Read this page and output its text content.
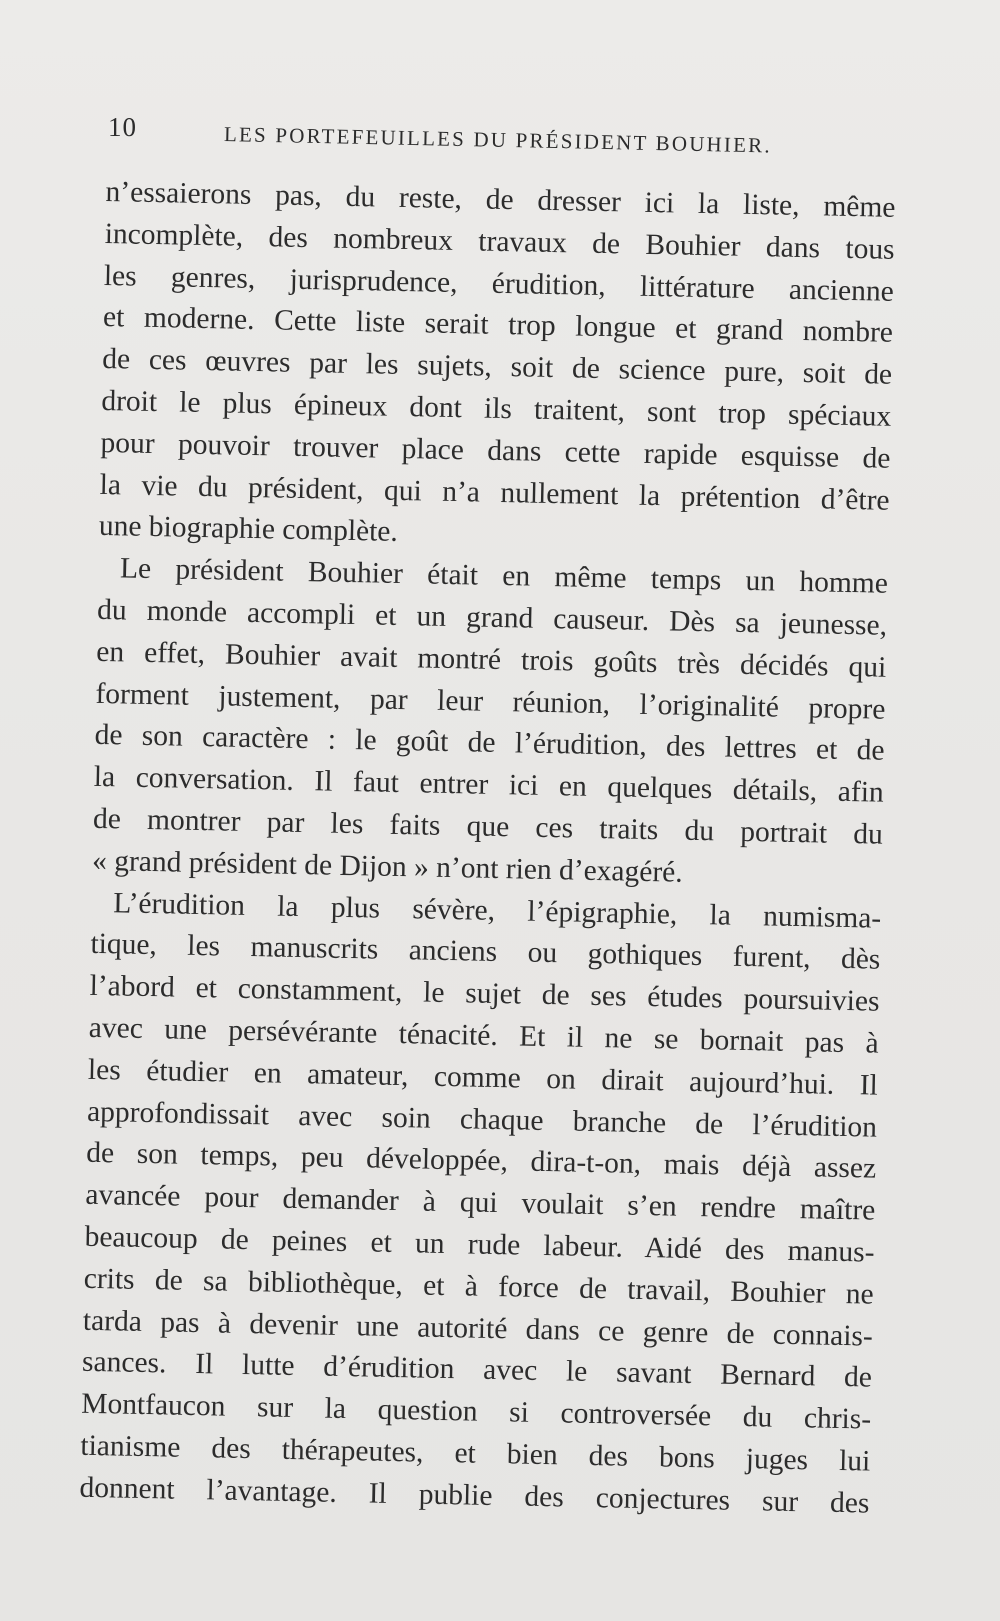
10	LES PORTEFEUILLES DU PRÉSIDENT BOUHIER.
n’essaierons pas, du reste, de dresser ici la liste, même
incomplète, des nombreux travaux de Bouhier dans tous
les genres, jurisprudence, érudition, littérature ancienne
et moderne. Cette liste serait trop longue et grand nombre
de ces œuvres par les sujets, soit de science pure, soit de
droit le plus épineux dont ils traitent, sont trop spéciaux
pour pouvoir trouver place dans cette rapide esquisse de
la vie du président, qui n’a nullement la prétention d’être
une biographie complète.
Le président Bouhier était en même temps un homme
du monde accompli et un grand causeur. Dès sa jeunesse,
en effet, Bouhier avait montré trois goûts très décidés qui
forment justement, par leur réunion, l’originalité propre
de son caractère : le goût de l’érudition, des lettres et de
la conversation. Il faut entrer ici en quelques détails, afin
de montrer par les faits que ces traits du portrait du
« grand président de Dijon » n’ont rien d’exagéré.
L’érudition la plus sévère, l’épigraphie, la numisma-
tique, les manuscrits anciens ou gothiques furent, dès
l’abord et constamment, le sujet de ses études poursuivies
avec une persévérante ténacité. Et il ne se bornait pas à
les étudier en amateur, comme on dirait aujourd’hui. Il
approfondissait avec soin chaque branche de l’érudition
de son temps, peu développée, dira-t-on, mais déjà assez
avancée pour demander à qui voulait s’en rendre maître
beaucoup de peines et un rude labeur. Aidé des manus-
crits de sa bibliothèque, et à force de travail, Bouhier ne
tarda pas à devenir une autorité dans ce genre de connais-
sances. Il lutte d’érudition avec le savant Bernard de
Montfaucon sur la question si controversée du chris-
tianisme des thérapeutes, et bien des bons juges lui
donnent l’avantage. Il publie des conjectures sur des
